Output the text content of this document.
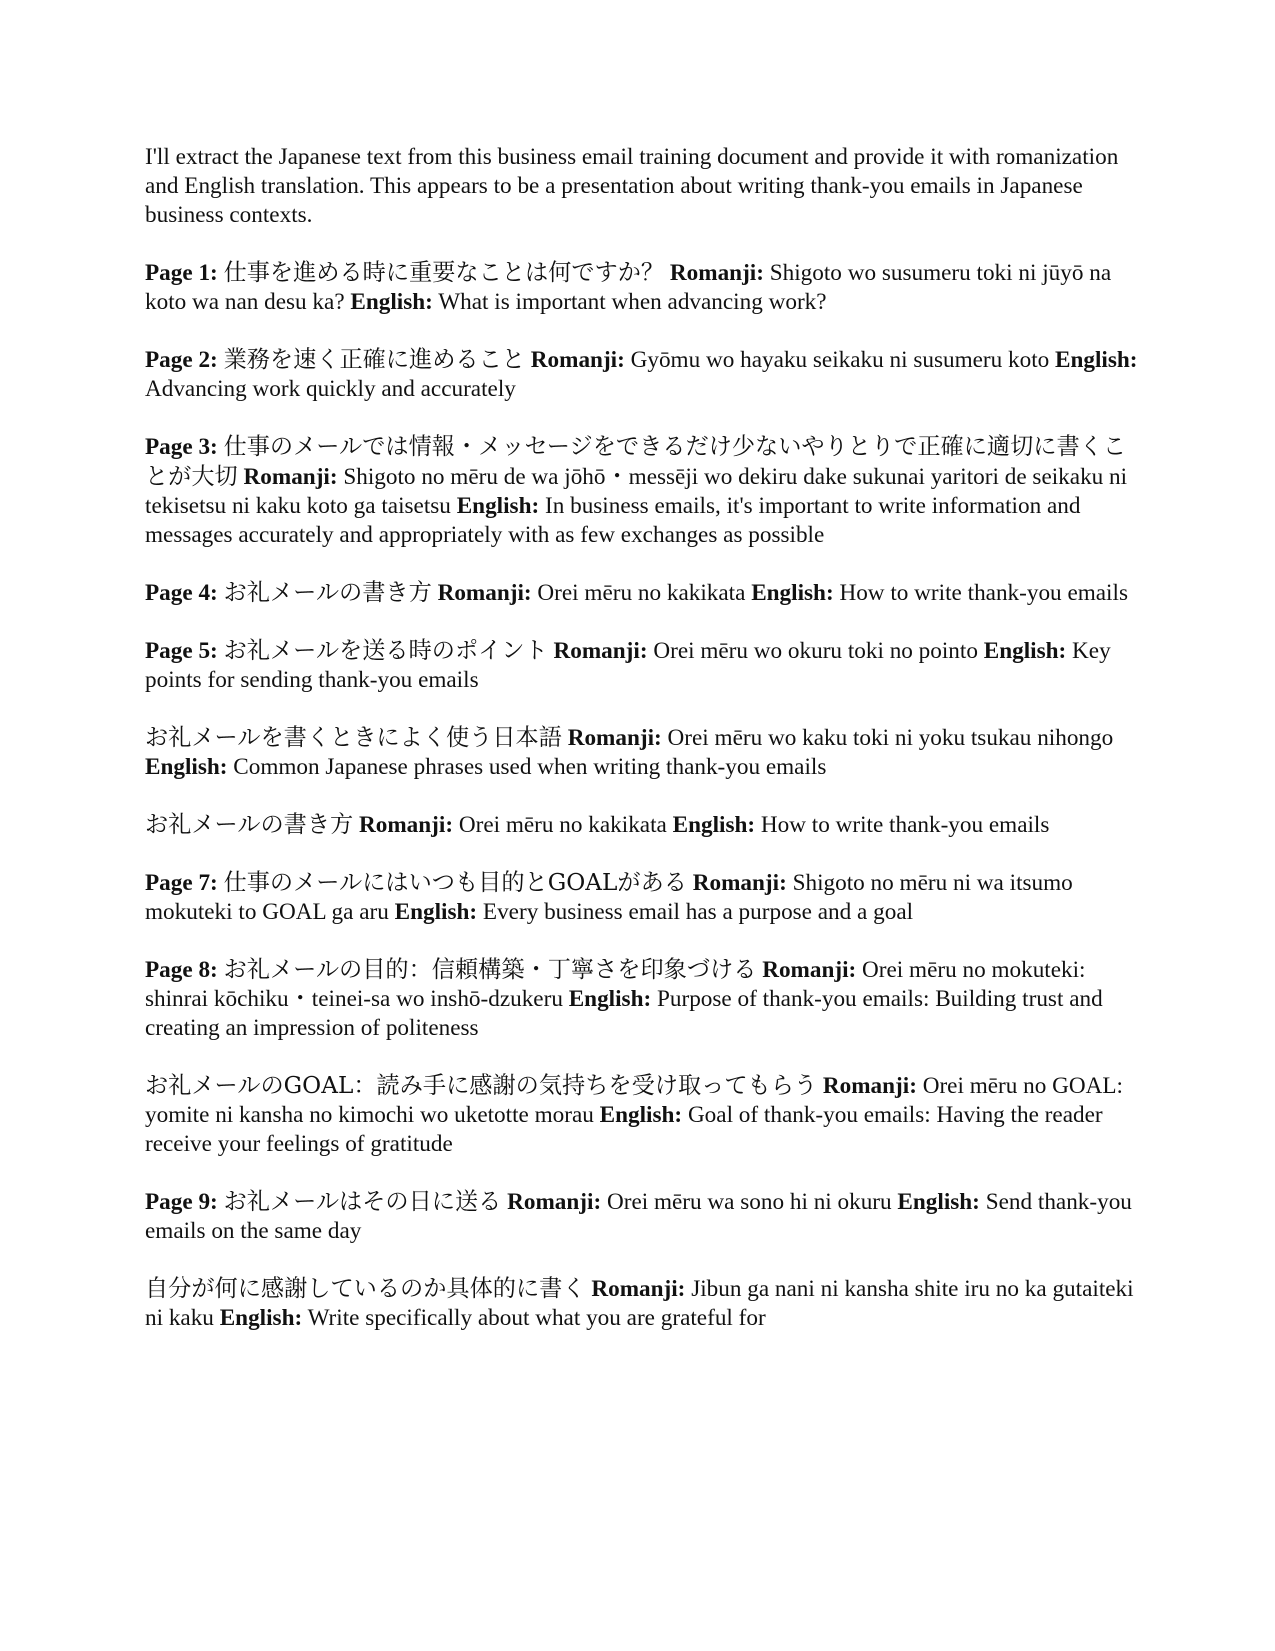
I'll extract the Japanese text from this business email training document and provide it with romanization and English translation. This appears to be a presentation about writing thank-you emails in Japanese business contexts.

Page 1: 仕事を進める時に重要なことは何ですか？ Romanji: Shigoto wo susumeru toki ni jūyō na koto wa nan desu ka? English: What is important when advancing work?

Page 2: 業務を速く正確に進めること Romanji: Gyōmu wo hayaku seikaku ni susumeru koto English: Advancing work quickly and accurately

Page 3: 仕事のメールでは情報・メッセージをできるだけ少ないやりとりで正確に適切に書くことが大切 Romanji: Shigoto no mēru de wa jōhō・messēji wo dekiru dake sukunai yaritori de seikaku ni tekisetsu ni kaku koto ga taisetsu English: In business emails, it's important to write information and messages accurately and appropriately with as few exchanges as possible

Page 4: お礼メールの書き方 Romanji: Orei mēru no kakikata English: How to write thank-you emails

Page 5: お礼メールを送る時のポイント Romanji: Orei mēru wo okuru toki no pointo English: Key points for sending thank-you emails

お礼メールを書くときによく使う日本語 Romanji: Orei mēru wo kaku toki ni yoku tsukau nihongo English: Common Japanese phrases used when writing thank-you emails

お礼メールの書き方 Romanji: Orei mēru no kakikata English: How to write thank-you emails

Page 7: 仕事のメールにはいつも目的とGOALがある Romanji: Shigoto no mēru ni wa itsumo mokuteki to GOAL ga aru English: Every business email has a purpose and a goal

Page 8: お礼メールの目的：信頼構築・丁寧さを印象づける Romanji: Orei mēru no mokuteki: shinrai kōchiku・teinei-sa wo inshō-dzukeru English: Purpose of thank-you emails: Building trust and creating an impression of politeness

お礼メールのGOAL：読み手に感謝の気持ちを受け取ってもらう Romanji: Orei mēru no GOAL: yomite ni kansha no kimochi wo uketotte morau English: Goal of thank-you emails: Having the reader receive your feelings of gratitude

Page 9: お礼メールはその日に送る Romanji: Orei mēru wa sono hi ni okuru English: Send thank-you emails on the same day

自分が何に感謝しているのか具体的に書く Romanji: Jibun ga nani ni kansha shite iru no ka gutaiteki ni kaku English: Write specifically about what you are grateful for
